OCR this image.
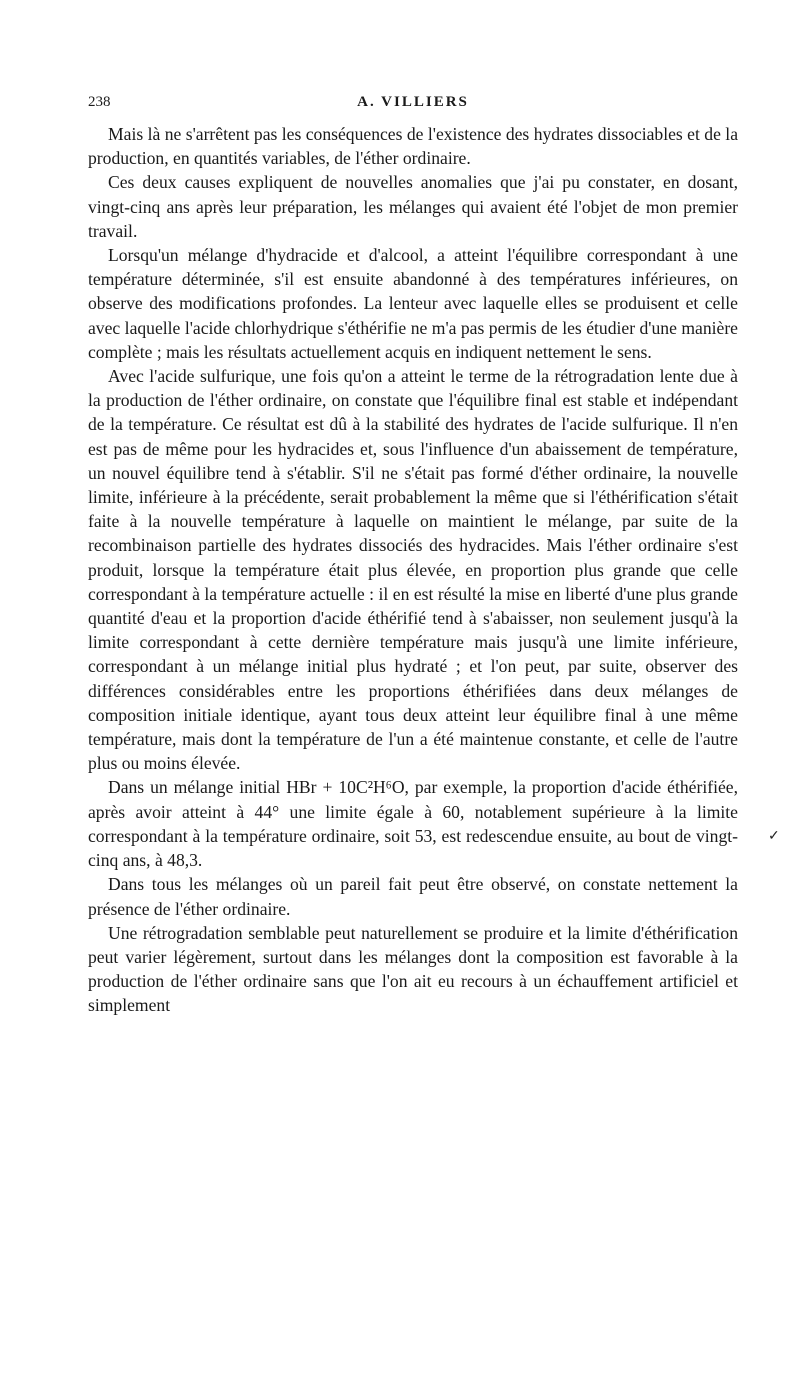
238	A. VILLIERS

Mais là ne s'arrêtent pas les conséquences de l'existence des hydrates dissociables et de la production, en quantités variables, de l'éther ordinaire.

Ces deux causes expliquent de nouvelles anomalies que j'ai pu constater, en dosant, vingt-cinq ans après leur préparation, les mélanges qui avaient été l'objet de mon premier travail.

Lorsqu'un mélange d'hydracide et d'alcool, a atteint l'équilibre correspondant à une température déterminée, s'il est ensuite abandonné à des températures inférieures, on observe des modifications profondes. La lenteur avec laquelle elles se produisent et celle avec laquelle l'acide chlorhydrique s'éthérifie ne m'a pas permis de les étudier d'une manière complète ; mais les résultats actuellement acquis en indiquent nettement le sens.

Avec l'acide sulfurique, une fois qu'on a atteint le terme de la rétrogradation lente due à la production de l'éther ordinaire, on constate que l'équilibre final est stable et indépendant de la température. Ce résultat est dû à la stabilité des hydrates de l'acide sulfurique. Il n'en est pas de même pour les hydracides et, sous l'influence d'un abaissement de température, un nouvel équilibre tend à s'établir. S'il ne s'était pas formé d'éther ordinaire, la nouvelle limite, inférieure à la précédente, serait probablement la même que si l'éthérification s'était faite à la nouvelle température à laquelle on maintient le mélange, par suite de la recombinaison partielle des hydrates dissociés des hydracides. Mais l'éther ordinaire s'est produit, lorsque la température était plus élevée, en proportion plus grande que celle correspondant à la température actuelle : il en est résulté la mise en liberté d'une plus grande quantité d'eau et la proportion d'acide éthérifié tend à s'abaisser, non seulement jusqu'à la limite correspondant à cette dernière température mais jusqu'à une limite inférieure, correspondant à un mélange initial plus hydraté ; et l'on peut, par suite, observer des différences considérables entre les proportions éthérifiées dans deux mélanges de composition initiale identique, ayant tous deux atteint leur équilibre final à une même température, mais dont la température de l'un a été maintenue constante, et celle de l'autre plus ou moins élevée.

Dans un mélange initial HBr + 10C²H⁶O, par exemple, la proportion d'acide éthérifiée, après avoir atteint à 44° une limite égale à 60, notablement supérieure à la limite correspondant à la température ordinaire, soit 53, est redescendue ensuite, au bout de vingt-cinq ans, à 48,3.

Dans tous les mélanges où un pareil fait peut être observé, on constate nettement la présence de l'éther ordinaire.

Une rétrogradation semblable peut naturellement se produire et la limite d'éthérification peut varier légèrement, surtout dans les mélanges dont la composition est favorable à la production de l'éther ordinaire sans que l'on ait eu recours à un échauffement artificiel et simplement

✓
